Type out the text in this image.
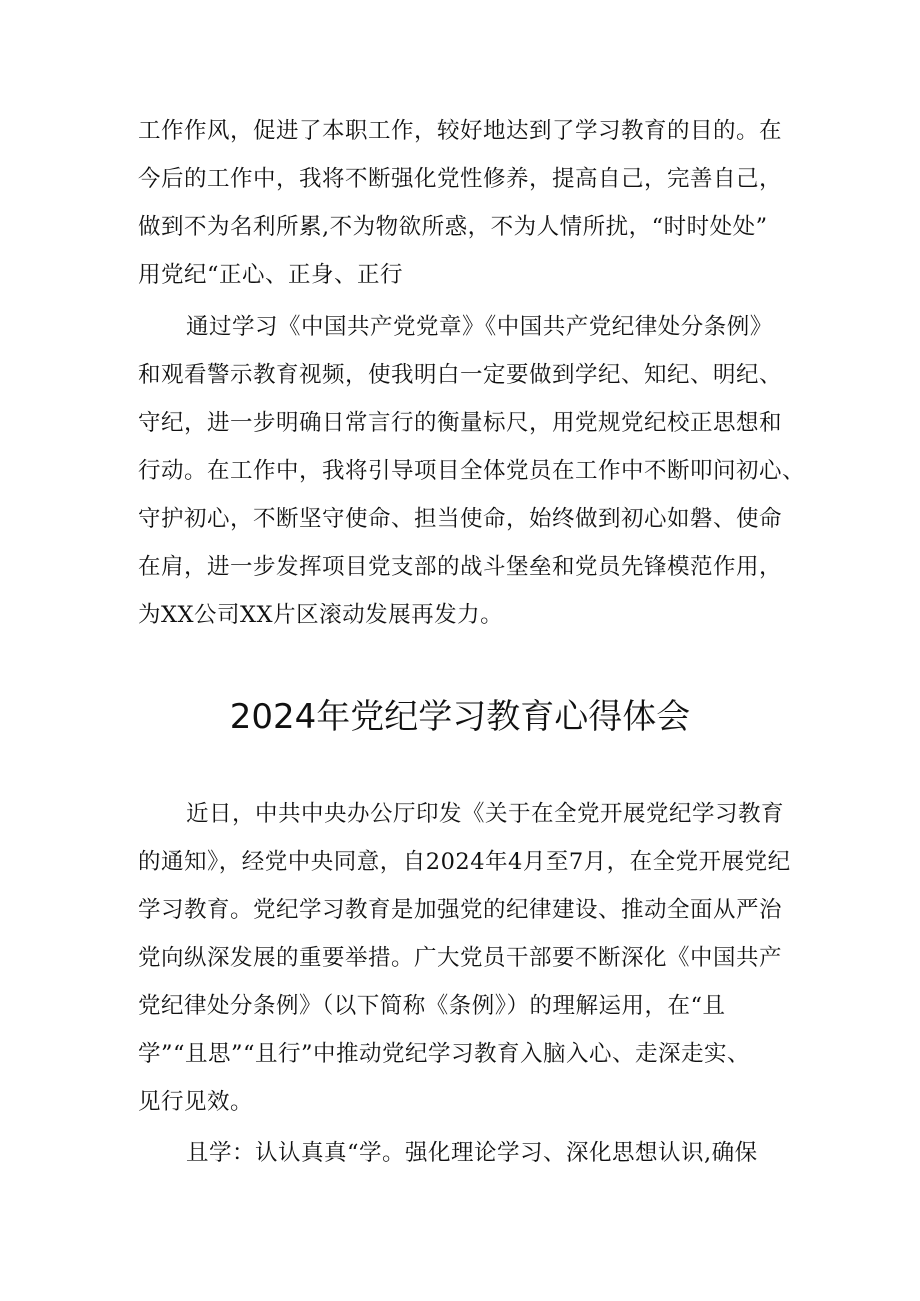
工作作风，促进了本职工作，较好地达到了学习教育的目的。在
今后的工作中，我将不断强化党性修养，提高自己，完善自己，
做到不为名利所累,不为物欲所惑，不为人情所扰，“时时处处”
用党纪“正心、正身、正行
通过学习《中国共产党党章》《中国共产党纪律处分条例》
和观看警示教育视频，使我明白一定要做到学纪、知纪、明纪、
守纪，进一步明确日常言行的衡量标尺，用党规党纪校正思想和
行动。在工作中，我将引导项目全体党员在工作中不断叩问初心、
守护初心，不断坚守使命、担当使命，始终做到初心如磐、使命
在肩，进一步发挥项目党支部的战斗堡垒和党员先锋模范作用，
为XX公司XX片区滚动发展再发力。
2024年党纪学习教育心得体会
近日，中共中央办公厅印发《关于在全党开展党纪学习教育
的通知》，经党中央同意，自2024年4月至7月，在全党开展党纪
学习教育。党纪学习教育是加强党的纪律建设、推动全面从严治
党向纵深发展的重要举措。广大党员干部要不断深化《中国共产
党纪律处分条例》（以下简称《条例》）的理解运用，在“且
学”“且思”“且行”中推动党纪学习教育入脑入心、走深走实、
见行见效。
且学：认认真真“学。强化理论学习、深化思想认识,确保
